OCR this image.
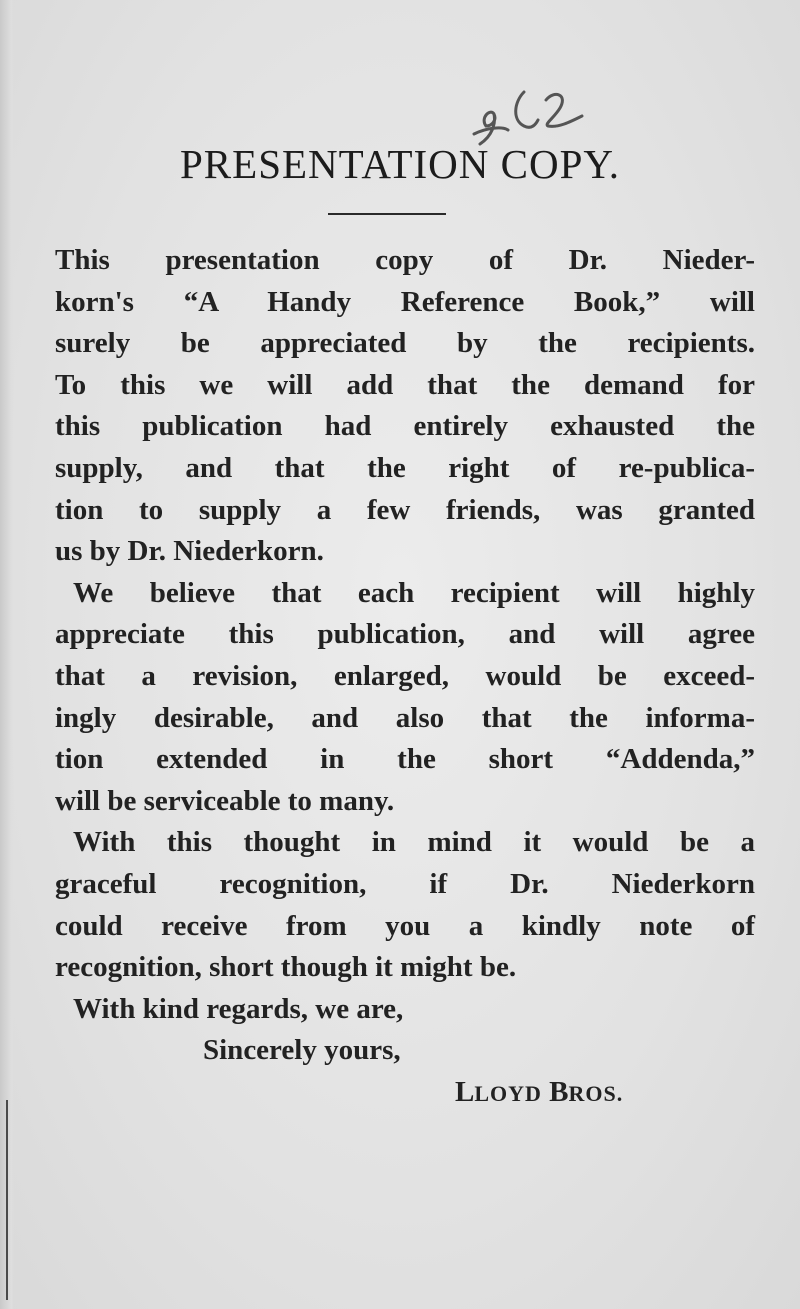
PRESENTATION COPY.
This presentation copy of Dr. Nieder-
korn's “A Handy Reference Book,” will
surely be appreciated by the recipients.
To this we will add that the demand for
this publication had entirely exhausted the
supply, and that the right of re-publica-
tion to supply a few friends, was granted
us by Dr. Niederkorn.
We believe that each recipient will highly
appreciate this publication, and will agree
that a revision, enlarged, would be exceed-
ingly desirable, and also that the informa-
tion extended in the short “Addenda,”
will be serviceable to many.
With this thought in mind it would be a
graceful recognition, if Dr. Niederkorn
could receive from you a kindly note of
recognition, short though it might be.
With kind regards, we are,
Sincerely yours,
LLOYD BROS.
